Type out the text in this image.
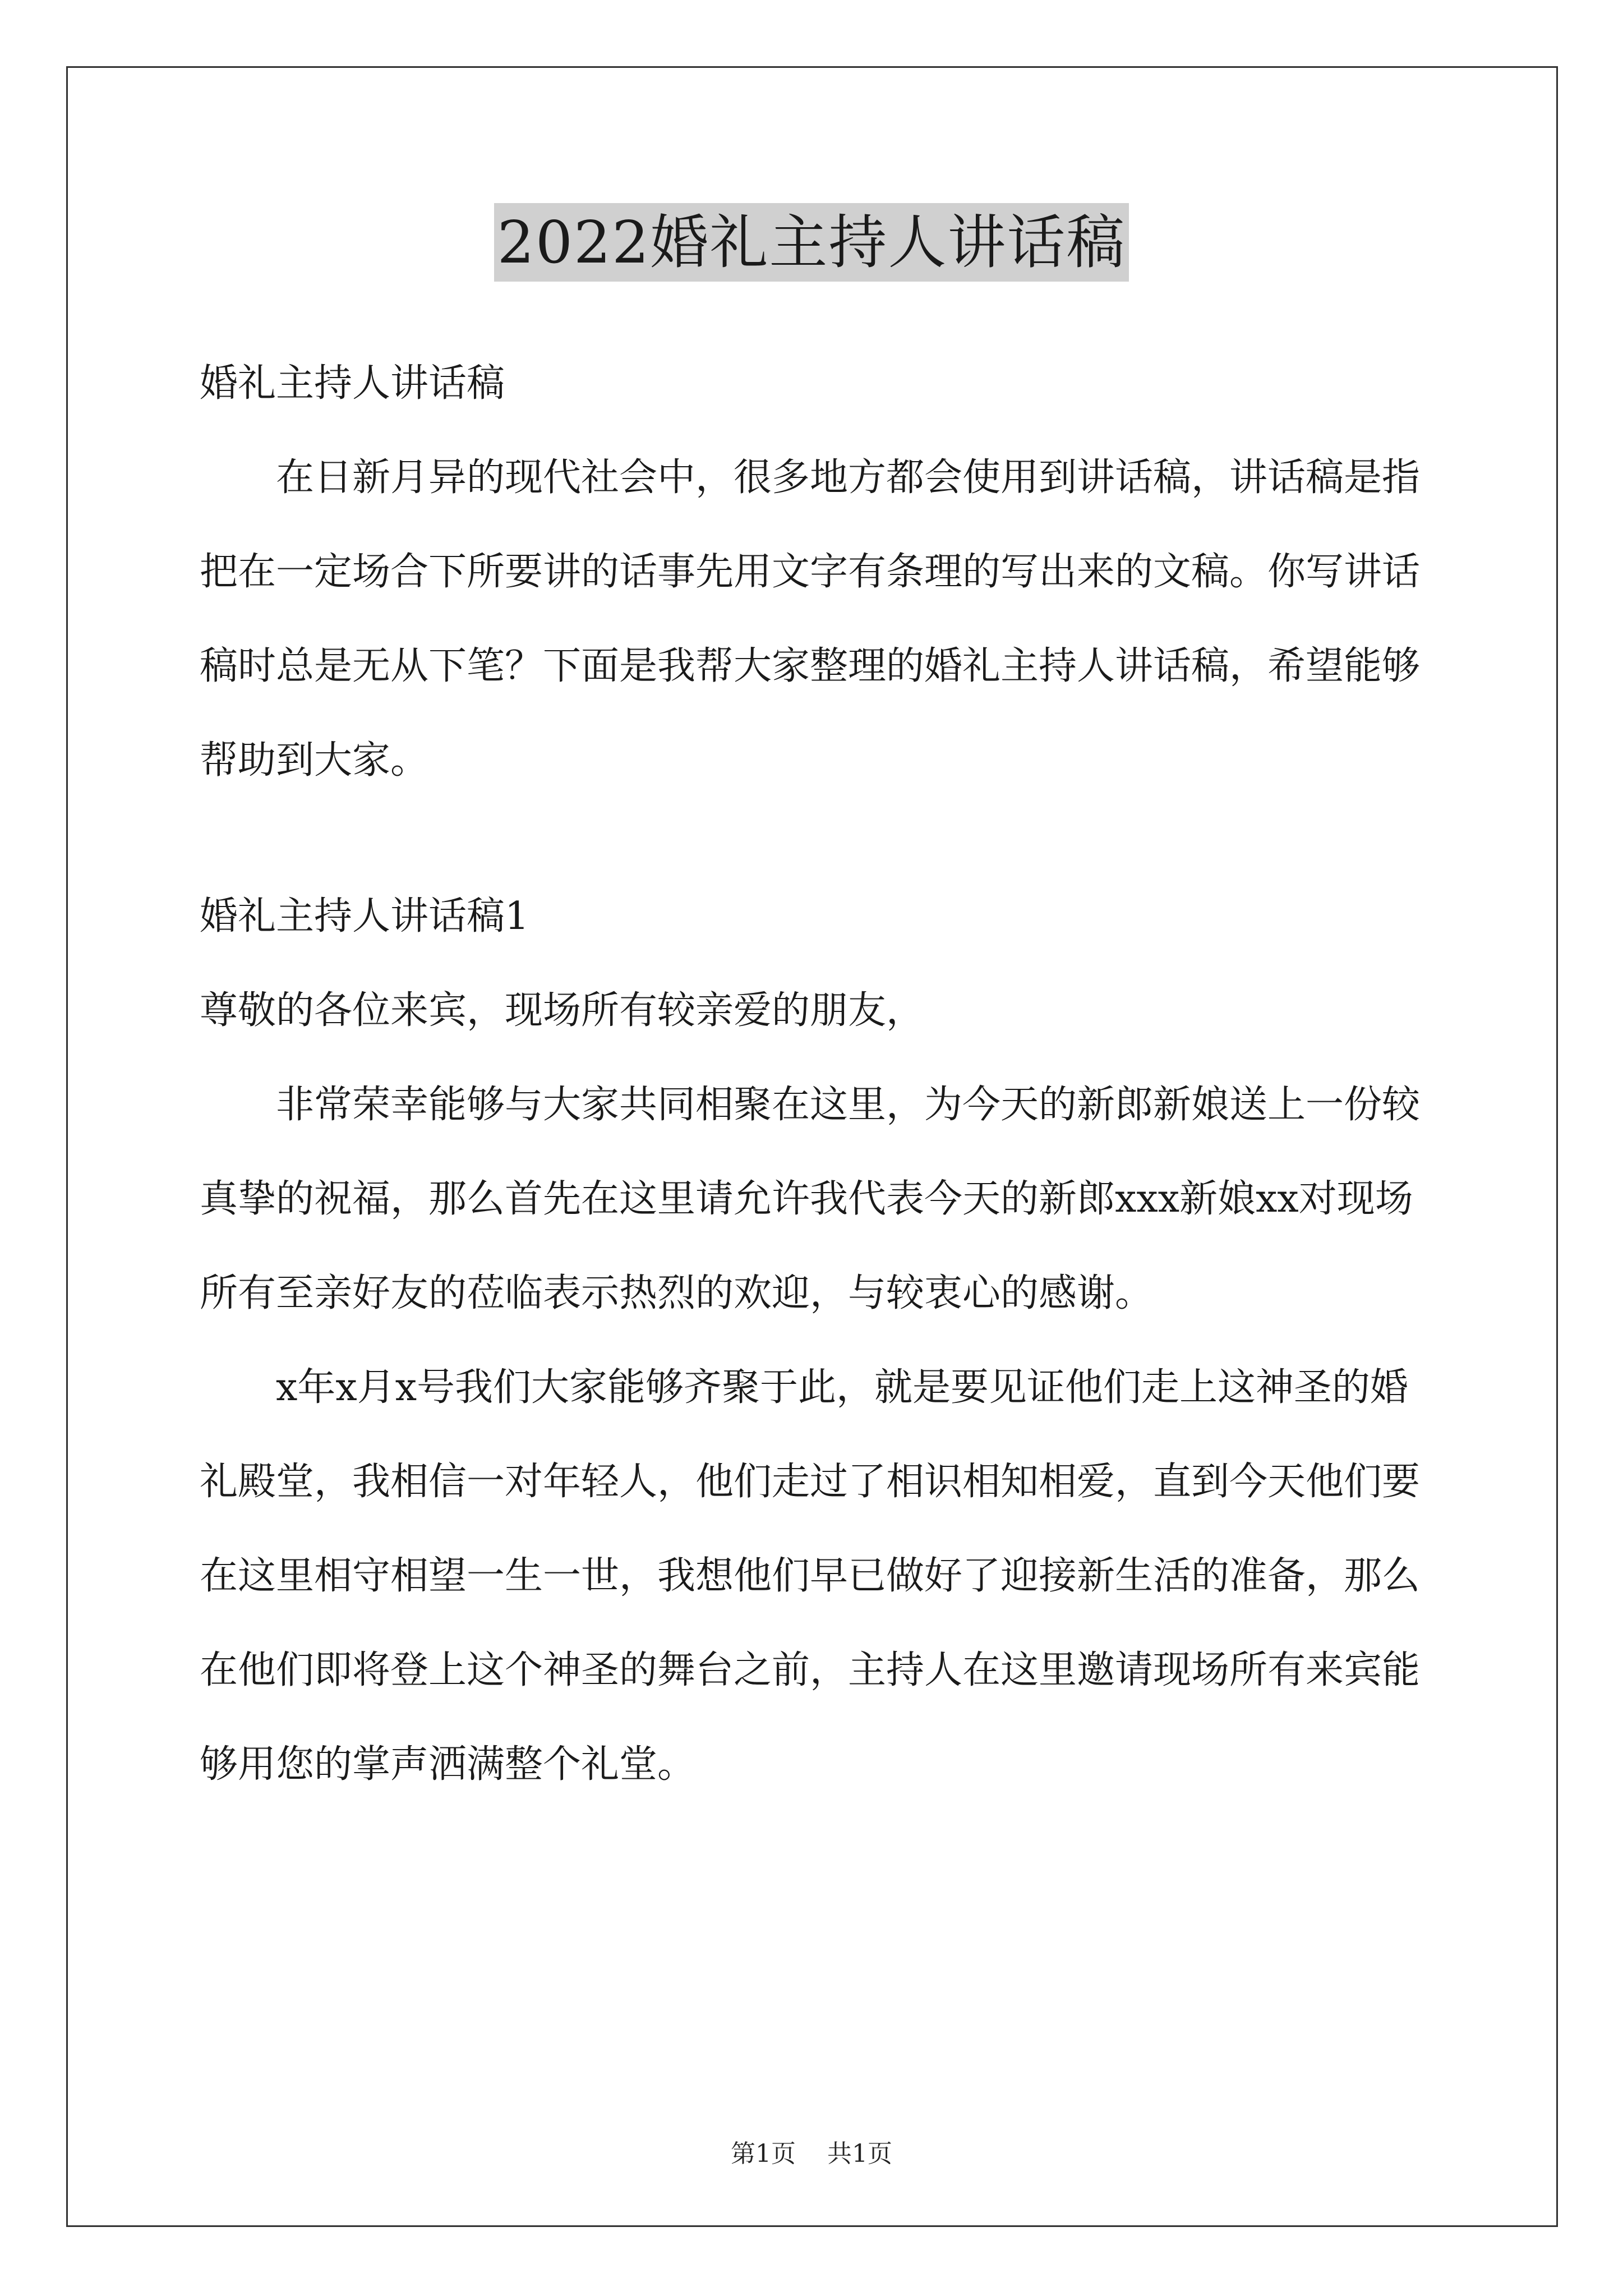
2022婚礼主持人讲话稿

婚礼主持人讲话稿

在日新月异的现代社会中，很多地方都会使用到讲话稿，讲话稿是指把在一定场合下所要讲的话事先用文字有条理的写出来的文稿。你写讲话稿时总是无从下笔？下面是我帮大家整理的婚礼主持人讲话稿，希望能够帮助到大家。

婚礼主持人讲话稿1

尊敬的各位来宾，现场所有较亲爱的朋友，

非常荣幸能够与大家共同相聚在这里，为今天的新郎新娘送上一份较真挚的祝福，那么首先在这里请允许我代表今天的新郎xxx新娘xx对现场所有至亲好友的莅临表示热烈的欢迎，与较衷心的感谢。

x年x月x号我们大家能够齐聚于此，就是要见证他们走上这神圣的婚礼殿堂，我相信一对年轻人，他们走过了相识相知相爱，直到今天他们要在这里相守相望一生一世，我想他们早已做好了迎接新生活的准备，那么在他们即将登上这个神圣的舞台之前，主持人在这里邀请现场所有来宾能够用您的掌声洒满整个礼堂。

第1页 共1页
